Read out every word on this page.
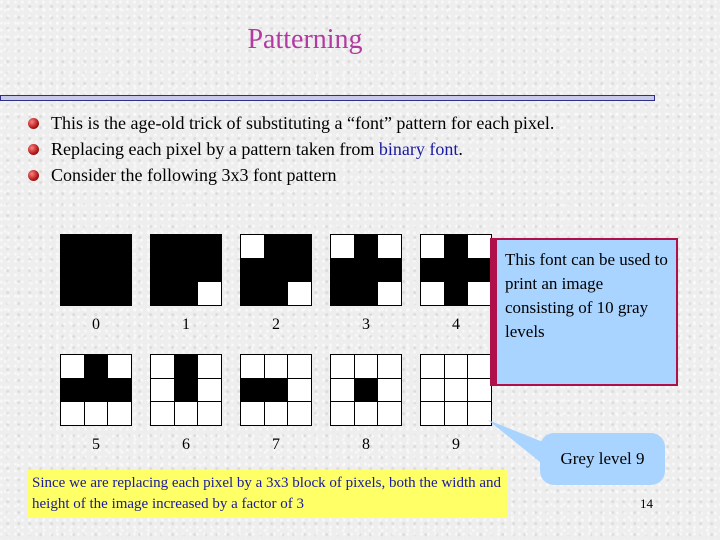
Patterning
This is the age-old trick of substituting a “font” pattern for each pixel.
Replacing each pixel by a pattern taken from binary font.
Consider the following 3x3 font pattern
0	1	2	3	4
5	6	7	8	9
This font can be used to print an image consisting of 10 gray levels
Grey level 9
Since we are replacing each pixel by a 3x3 block of pixels, both the width and height of the image increased by a factor of 3	14
